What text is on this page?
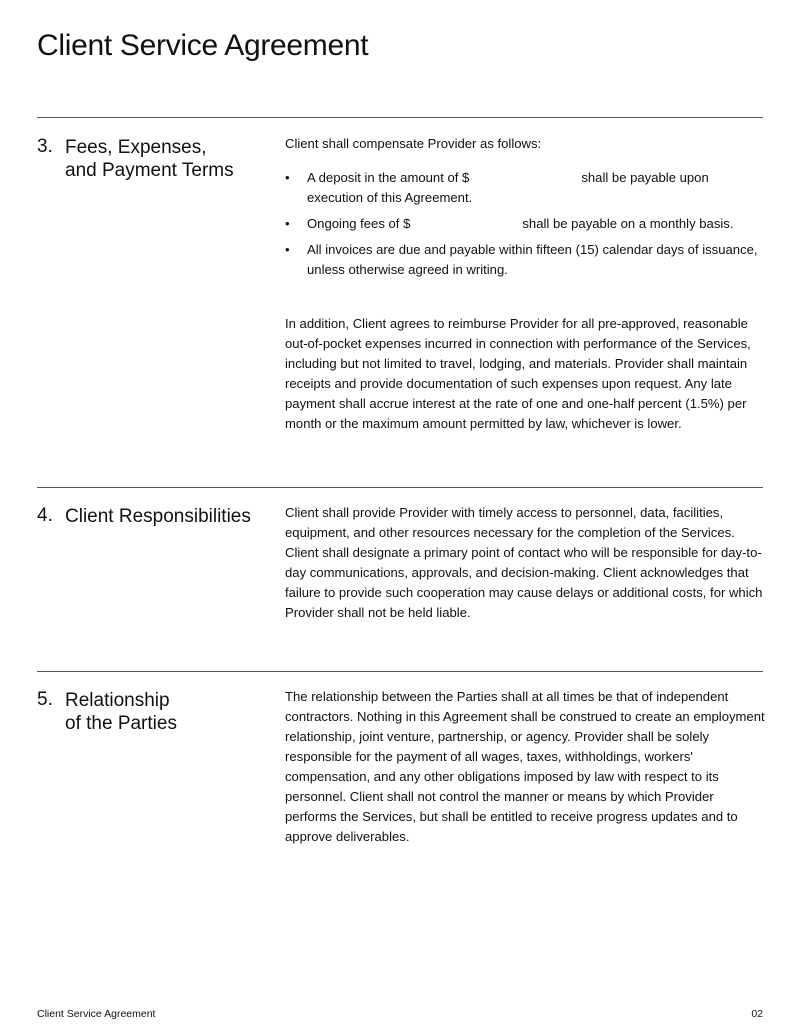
Client Service Agreement
3. Fees, Expenses, and Payment Terms

Client shall compensate Provider as follows:

• A deposit in the amount of $	shall be payable upon execution of this Agreement.
• Ongoing fees of $	shall be payable on a monthly basis.
• All invoices are due and payable within fifteen (15) calendar days of issuance, unless otherwise agreed in writing.

In addition, Client agrees to reimburse Provider for all pre-approved, reasonable out-of-pocket expenses incurred in connection with performance of the Services, including but not limited to travel, lodging, and materials. Provider shall maintain receipts and provide documentation of such expenses upon request. Any late payment shall accrue interest at the rate of one and one-half percent (1.5%) per month or the maximum amount permitted by law, whichever is lower.

4. Client Responsibilities	Client shall provide Provider with timely access to personnel, data, facilities, equipment, and other resources necessary for the completion of the Services. Client shall designate a primary point of contact who will be responsible for day-to-day communications, approvals, and decision-making. Client acknowledges that failure to provide such cooperation may cause delays or additional costs, for which Provider shall not be held liable.

5. Relationship of the Parties

The relationship between the Parties shall at all times be that of independent contractors. Nothing in this Agreement shall be construed to create an employment relationship, joint venture, partnership, or agency. Provider shall be solely responsible for the payment of all wages, taxes, withholdings, workers' compensation, and any other obligations imposed by law with respect to its personnel. Client shall not control the manner or means by which Provider performs the Services, but shall be entitled to receive progress updates and to approve deliverables.

Client Service Agreement	02
